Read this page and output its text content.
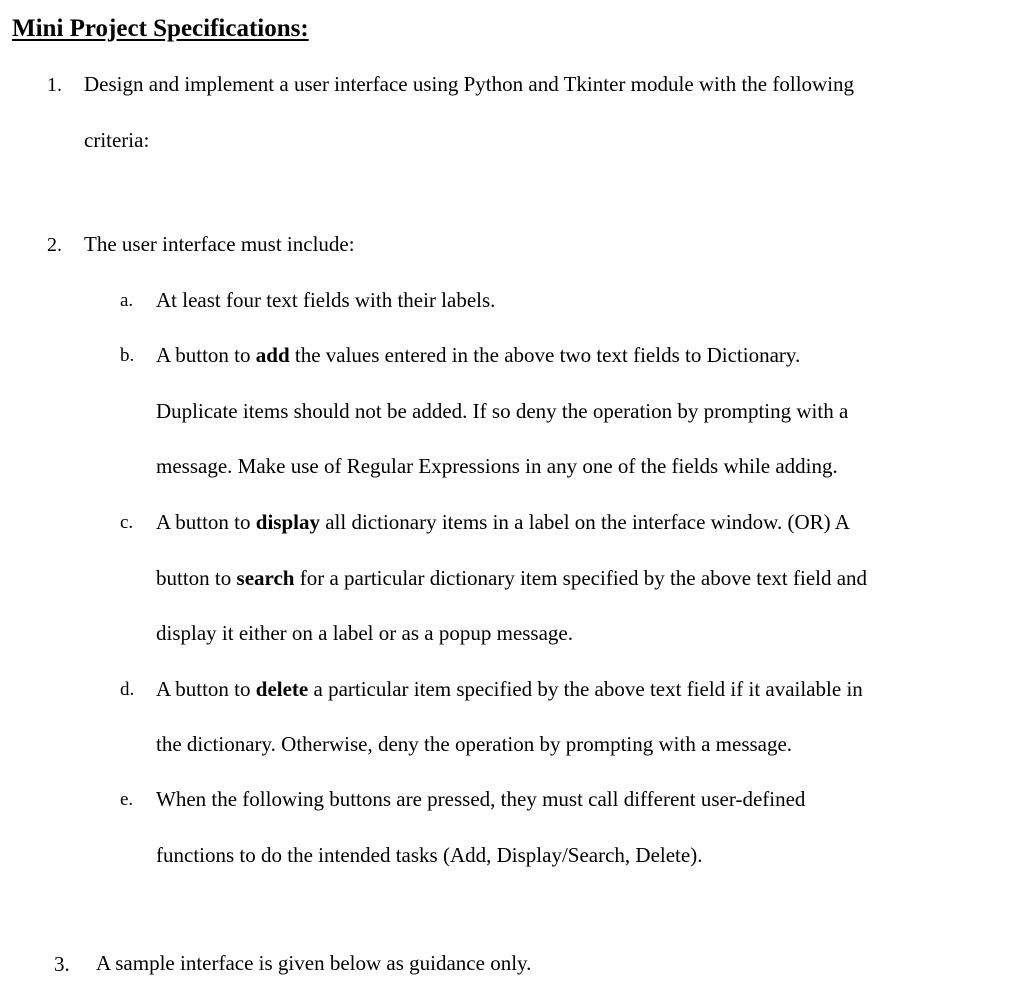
Mini Project Specifications:
1. Design and implement a user interface using Python and Tkinter module with the following
criteria:
2. The user interface must include:
a. At least four text fields with their labels.
b. A button to add the values entered in the above two text fields to Dictionary.
Duplicate items should not be added. If so deny the operation by prompting with a
message. Make use of Regular Expressions in any one of the fields while adding.
c. A button to display all dictionary items in a label on the interface window. (OR) A
button to search for a particular dictionary item specified by the above text field and
display it either on a label or as a popup message.
d. A button to delete a particular item specified by the above text field if it available in
the dictionary. Otherwise, deny the operation by prompting with a message.
e. When the following buttons are pressed, they must call different user-defined
functions to do the intended tasks (Add, Display/Search, Delete).
3. A sample interface is given below as guidance only.
